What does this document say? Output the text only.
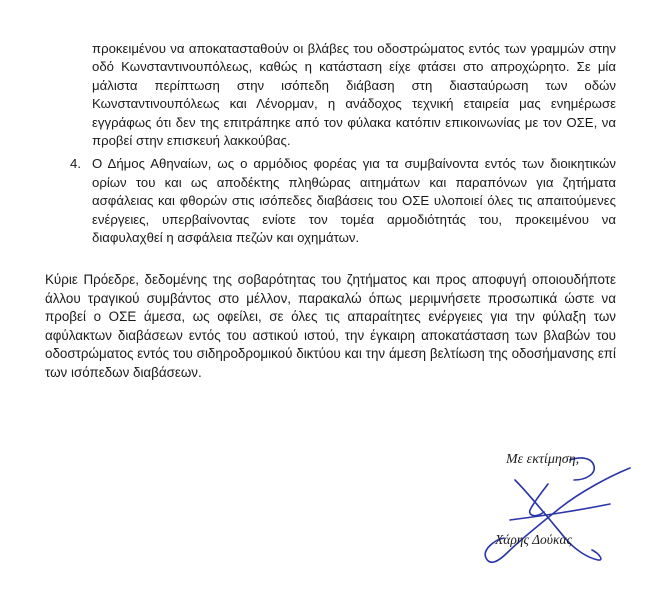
προκειμένου να αποκατασταθούν οι βλάβες του οδοστρώματος εντός των γραμμών στην οδό Κωνσταντινουπόλεως, καθώς η κατάσταση είχε φτάσει στο απροχώρητο. Σε μία μάλιστα περίπτωση στην ισόπεδη διάβαση στη διασταύρωση των οδών Κωνσταντινουπόλεως και Λένορμαν, η ανάδοχος τεχνική εταιρεία μας ενημέρωσε εγγράφως ότι δεν της επιτράπηκε από τον φύλακα κατόπιν επικοινωνίας με τον ΟΣΕ, να προβεί στην επισκευή λακκούβας.

4. Ο Δήμος Αθηναίων, ως ο αρμόδιος φορέας για τα συμβαίνοντα εντός των διοικητικών ορίων του και ως αποδέκτης πληθώρας αιτημάτων και παραπόνων για ζητήματα ασφάλειας και φθορών στις ισόπεδες διαβάσεις του ΟΣΕ υλοποιεί όλες τις απαιτούμενες ενέργειες, υπερβαίνοντας ενίοτε τον τομέα αρμοδιότητάς του, προκειμένου να διαφυλαχθεί η ασφάλεια πεζών και οχημάτων.

Κύριε Πρόεδρε, δεδομένης της σοβαρότητας του ζητήματος και προς αποφυγή οποιουδήποτε άλλου τραγικού συμβάντος στο μέλλον, παρακαλώ όπως μεριμνήσετε προσωπικά ώστε να προβεί ο ΟΣΕ άμεσα, ως οφείλει, σε όλες τις απαραίτητες ενέργειες για την φύλαξη των αφύλακτων διαβάσεων εντός του αστικού ιστού, την έγκαιρη αποκατάσταση των βλαβών του οδοστρώματος εντός του σιδηροδρομικού δικτύου και την άμεση βελτίωση της οδοσήμανσης επί των ισόπεδων διαβάσεων.

Με εκτίμηση,
Χάρης Δούκας
